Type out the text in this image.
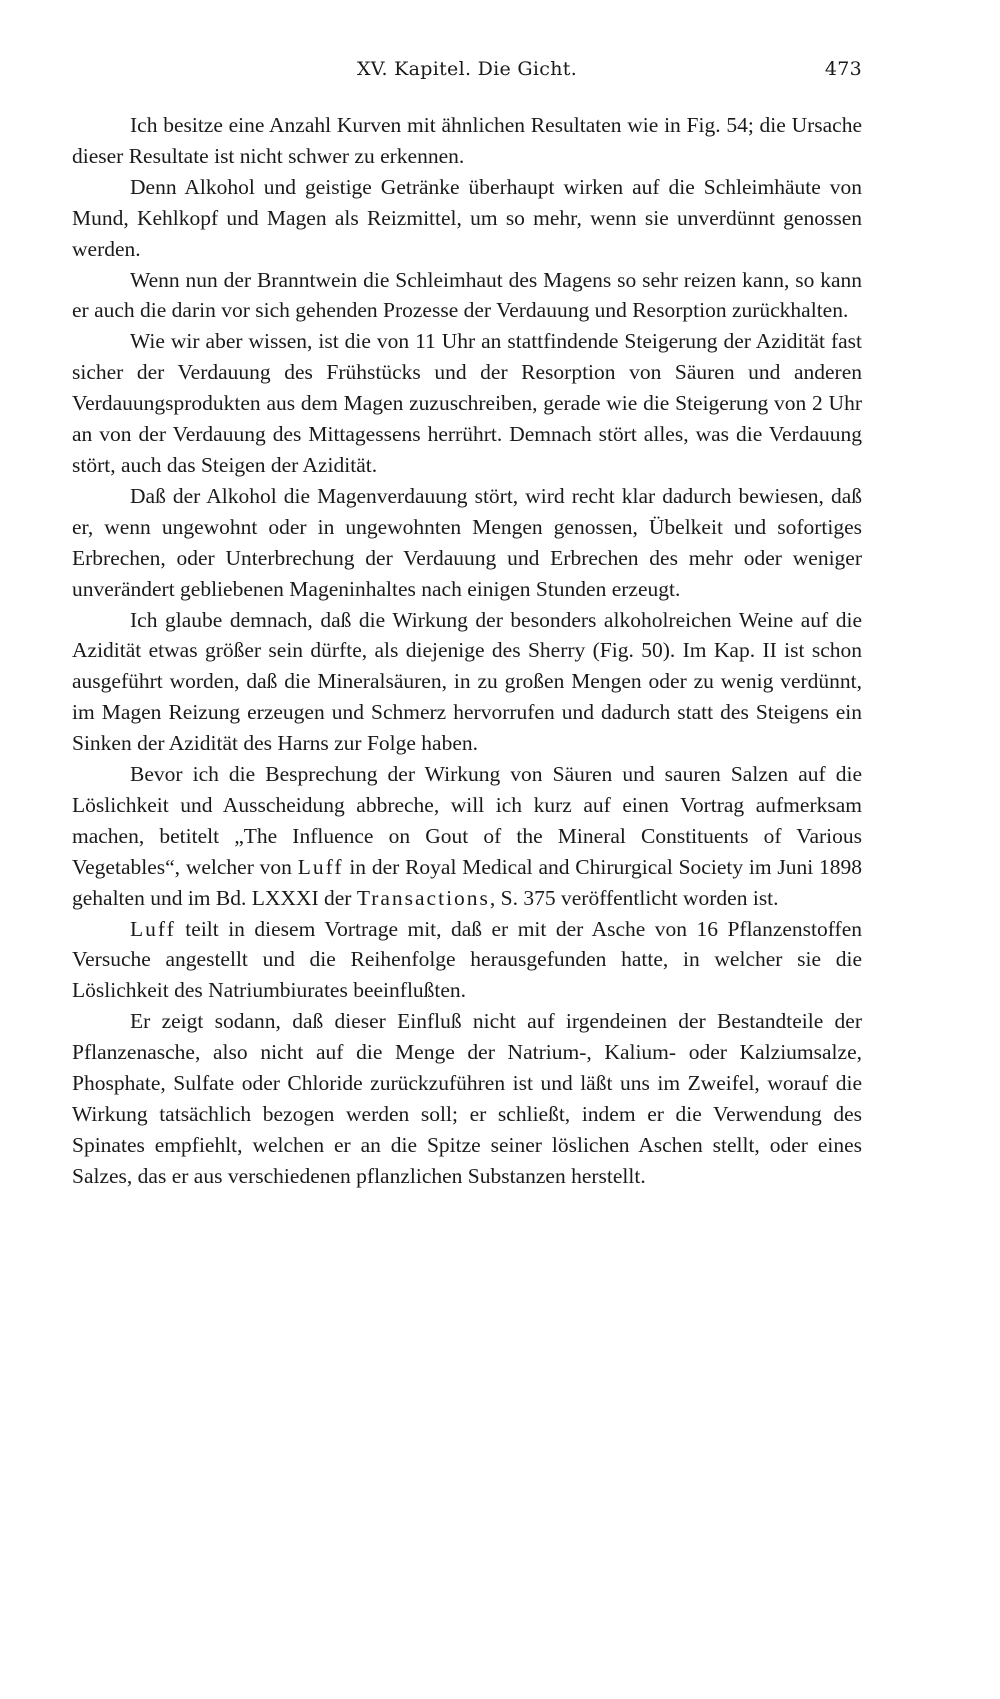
XV. Kapitel. Die Gicht.	473

Ich besitze eine Anzahl Kurven mit ähnlichen Resultaten wie in Fig. 54; die Ursache dieser Resultate ist nicht schwer zu erkennen.

Denn Alkohol und geistige Getränke überhaupt wirken auf die Schleimhäute von Mund, Kehlkopf und Magen als Reizmittel, um so mehr, wenn sie unverdünnt genossen werden.

Wenn nun der Branntwein die Schleimhaut des Magens so sehr reizen kann, so kann er auch die darin vor sich gehenden Prozesse der Verdauung und Resorption zurückhalten.

Wie wir aber wissen, ist die von 11 Uhr an stattfindende Steigerung der Azidität fast sicher der Verdauung des Frühstücks und der Resorption von Säuren und anderen Verdauungsprodukten aus dem Magen zuzuschreiben, gerade wie die Steigerung von 2 Uhr an von der Verdauung des Mittagessens herrührt. Demnach stört alles, was die Verdauung stört, auch das Steigen der Azidität.

Daß der Alkohol die Magenverdauung stört, wird recht klar dadurch bewiesen, daß er, wenn ungewohnt oder in ungewohnten Mengen genossen, Übelkeit und sofortiges Erbrechen, oder Unterbrechung der Verdauung und Erbrechen des mehr oder weniger unverändert gebliebenen Mageninhaltes nach einigen Stunden erzeugt.

Ich glaube demnach, daß die Wirkung der besonders alkoholreichen Weine auf die Azidität etwas größer sein dürfte, als diejenige des Sherry (Fig. 50). Im Kap. II ist schon ausgeführt worden, daß die Mineralsäuren, in zu großen Mengen oder zu wenig verdünnt, im Magen Reizung erzeugen und Schmerz hervorrufen und dadurch statt des Steigens ein Sinken der Azidität des Harns zur Folge haben.

Bevor ich die Besprechung der Wirkung von Säuren und sauren Salzen auf die Löslichkeit und Ausscheidung abbreche, will ich kurz auf einen Vortrag aufmerksam machen, betitelt „The Influence on Gout of the Mineral Constituents of Various Vegetables“, welcher von Luff in der Royal Medical and Chirurgical Society im Juni 1898 gehalten und im Bd. LXXXI der Transactions, S. 375 veröffentlicht worden ist.

Luff teilt in diesem Vortrage mit, daß er mit der Asche von 16 Pflanzenstoffen Versuche angestellt und die Reihenfolge herausgefunden hatte, in welcher sie die Löslichkeit des Natriumbiurates beeinflußten.

Er zeigt sodann, daß dieser Einfluß nicht auf irgendeinen der Bestandteile der Pflanzenasche, also nicht auf die Menge der Natrium-, Kalium- oder Kalziumsalze, Phosphate, Sulfate oder Chloride zurückzuführen ist und läßt uns im Zweifel, worauf die Wirkung tatsächlich bezogen werden soll; er schließt, indem er die Verwendung des Spinates empfiehlt, welchen er an die Spitze seiner löslichen Aschen stellt, oder eines Salzes, das er aus verschiedenen pflanzlichen Substanzen herstellt.
